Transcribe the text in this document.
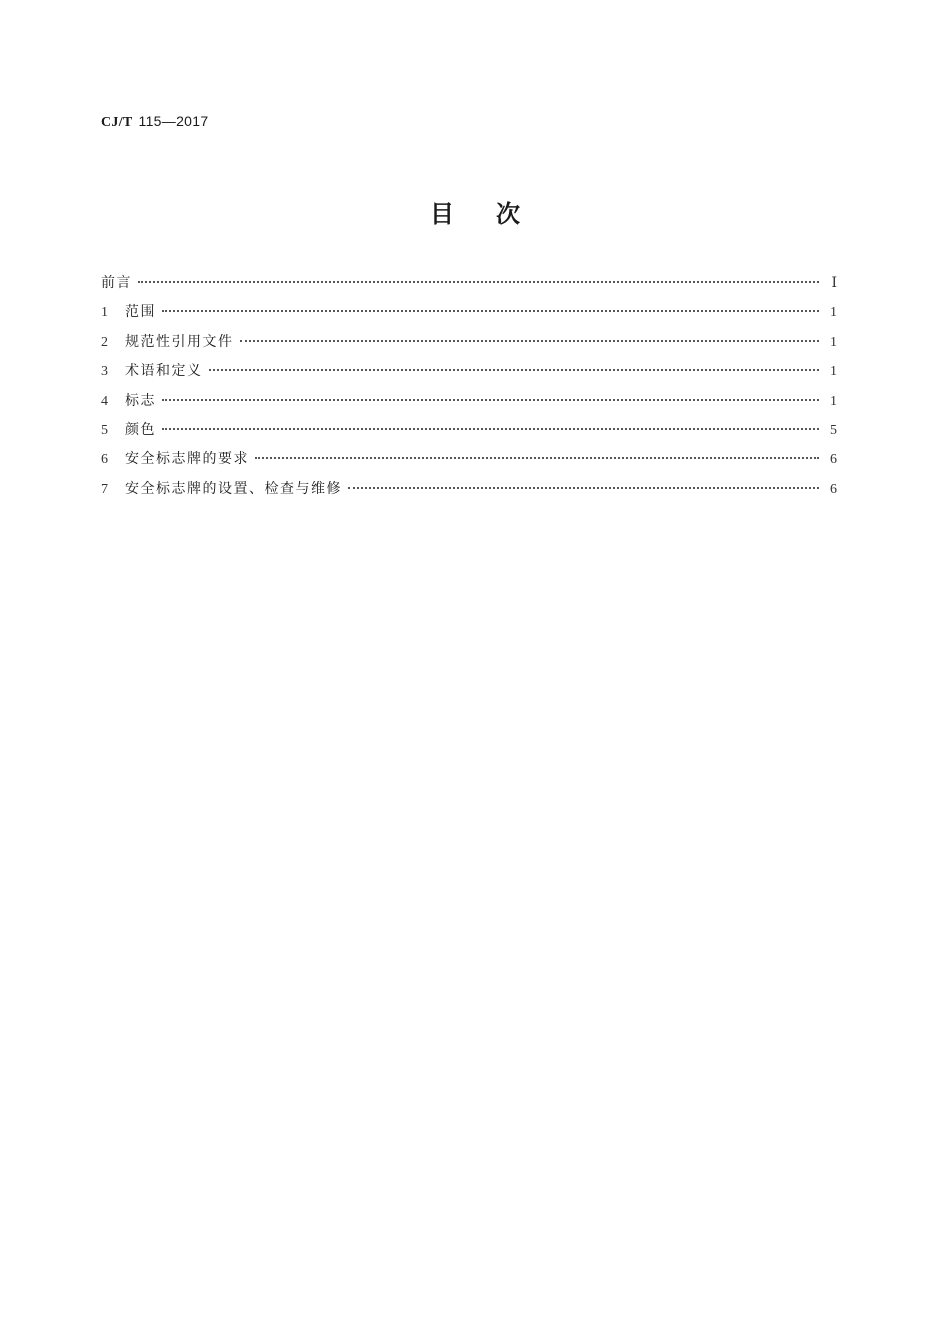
CJ/T 115—2017
目次
前言	Ⅰ
1	范围	1
2	规范性引用文件	1
3	术语和定义	1
4	标志	1
5	颜色	5
6	安全标志牌的要求	6
7	安全标志牌的设置、检查与维修	6
